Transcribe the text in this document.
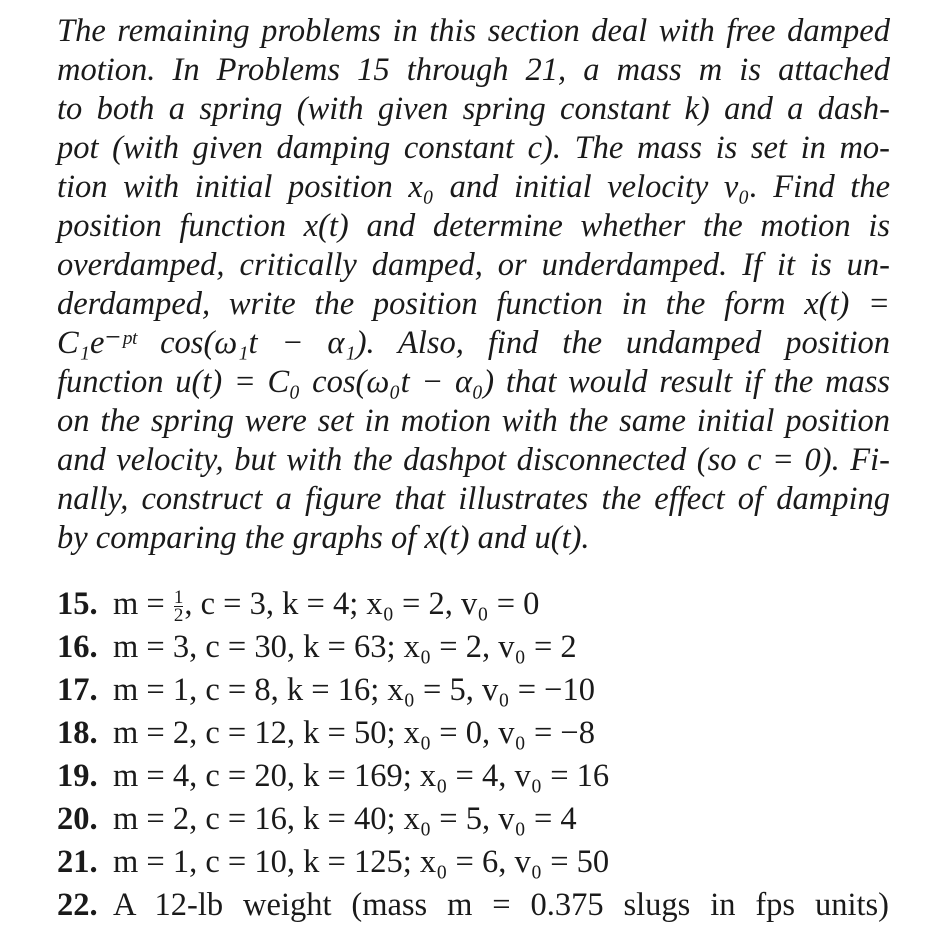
The remaining problems in this section deal with free damped
motion. In Problems 15 through 21, a mass m is attached
to both a spring (with given spring constant k) and a dash-
pot (with given damping constant c). The mass is set in mo-
tion with initial position x₀ and initial velocity v₀. Find the
position function x(t) and determine whether the motion is
overdamped, critically damped, or underdamped. If it is un-
derdamped, write the position function in the form x(t) =
C₁e⁻ᵖᵗ cos(ω₁t − α₁). Also, find the undamped position
function u(t) = C₀ cos(ω₀t − α₀) that would result if the mass
on the spring were set in motion with the same initial position
and velocity, but with the dashpot disconnected (so c = 0). Fi-
nally, construct a figure that illustrates the effect of damping
by comparing the graphs of x(t) and u(t).
15. $m = \frac{1}{2}$ , c = 3, k = 4; x₀ = 2, v₀ = 0
16. m = 3, c = 30, k = 63; x₀ = 2, v₀ = 2
17. m = 1, c = 8, k = 16; x₀ = 5, v₀ = −10
18. m = 2, c = 12, k = 50; x₀ = 0, v₀ = −8
19. m = 4, c = 20, k = 169; x₀ = 4, v₀ = 16
20. m = 2, c = 16, k = 40; x₀ = 5, v₀ = 4
21. m = 1, c = 10, k = 125; x₀ = 6, v₀ = 50
22. A 12-lb weight (mass m = 0.375 slugs in fps units)
